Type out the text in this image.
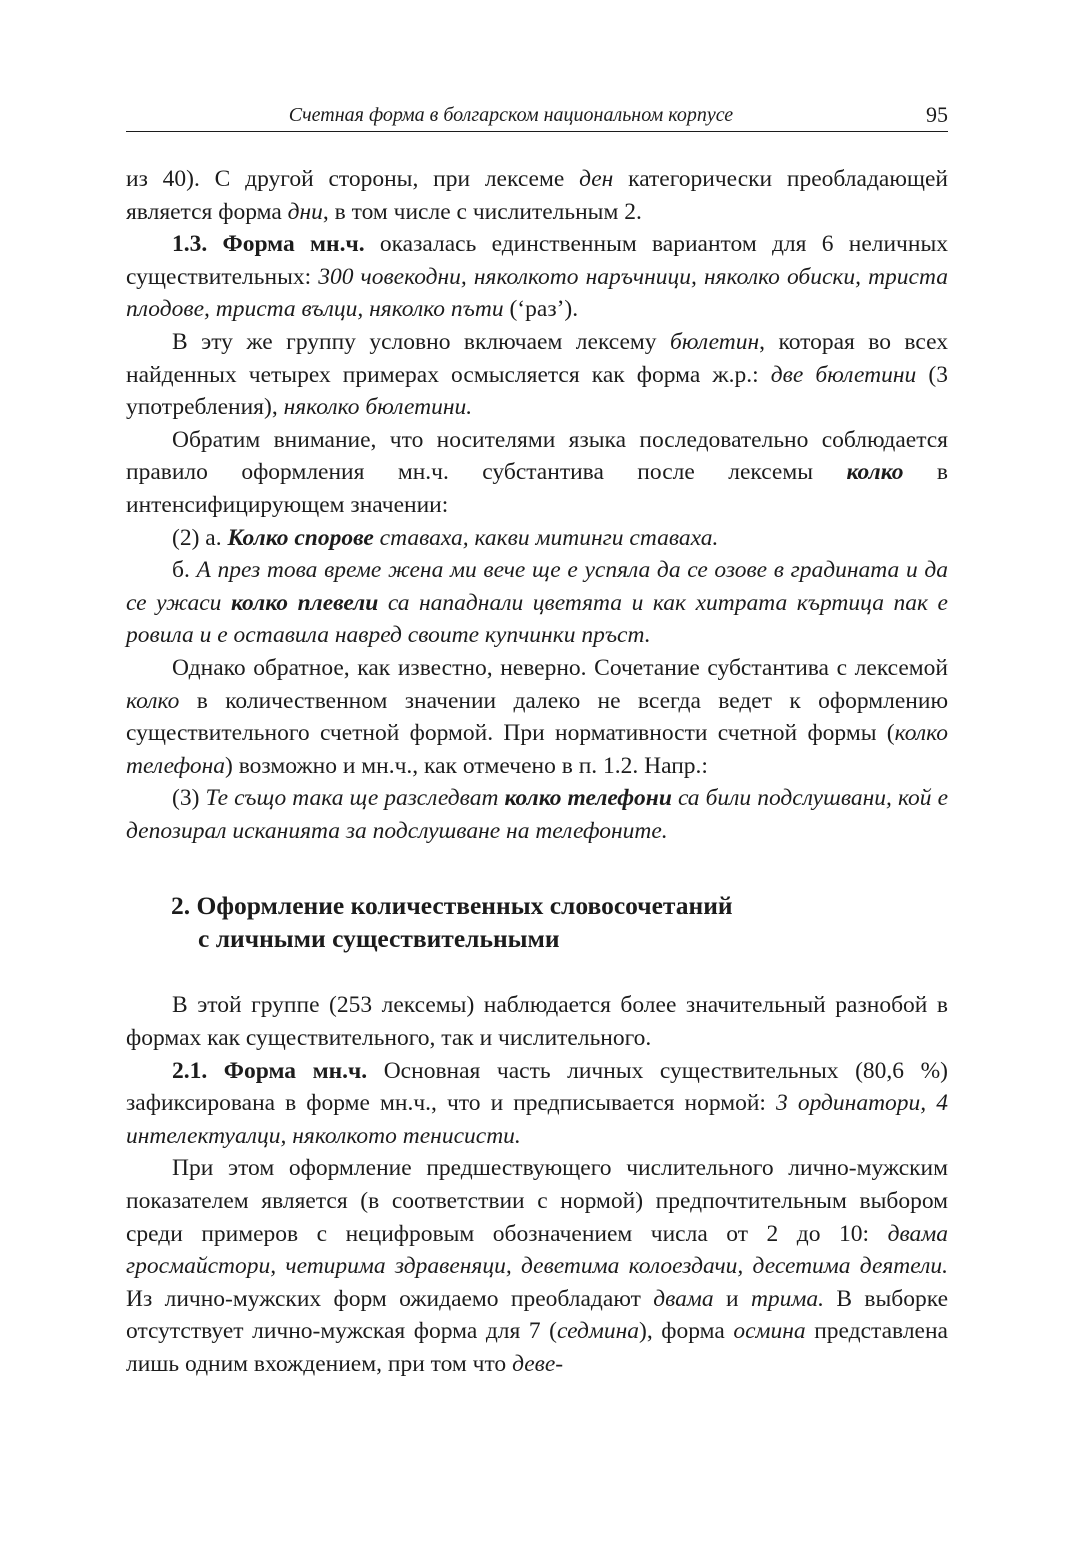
Счетная форма в болгарском национальном корпусе	95

из 40). С другой стороны, при лексеме ден категорически преобладающей является форма дни, в том числе с числительным 2.

1.3. Форма мн.ч. оказалась единственным вариантом для 6 неличных существительных: 300 човекодни, няколкото наръчници, няколко обиски, триста плодове, триста вълци, няколко пъти (‘раз’).

В эту же группу условно включаем лексему бюлетин, которая во всех найденных четырех примерах осмысляется как форма ж.р.: две бюлетини (3 употребления), няколко бюлетини.

Обратим внимание, что носителями языка последовательно соблюдается правило оформления мн.ч. субстантива после лексемы колко в интенсифицирующем значении:

(2) а. Колко спорове ставаха, какви митинги ставаха.

б. А през това време жена ми вече ще е успяла да се озове в градината и да се ужаси колко плевели са нападнали цветята и как хитрата къртица пак е ровила и е оставила навред своите купчинки пръст.

Однако обратное, как известно, неверно. Сочетание субстантива с лексемой колко в количественном значении далеко не всегда ведет к оформлению существительного счетной формой. При нормативности счетной формы (колко телефона) возможно и мн.ч., как отмечено в п. 1.2. Напр.:

(3) Те също така ще разследват колко телефони са били подслушвани, кой е депозирал исканията за подслушване на телефоните.

2. Оформление количественных словосочетаний
с личными существительными

В этой группе (253 лексемы) наблюдается более значительный разнобой в формах как существительного, так и числительного.

2.1. Форма мн.ч. Основная часть личных существительных (80,6 %) зафиксирована в форме мн.ч., что и предписывается нормой: 3 ординатори, 4 интелектуалци, няколкото тенисисти.

При этом оформление предшествующего числительного лично-мужским показателем является (в соответствии с нормой) предпочтительным выбором среди примеров с нецифровым обозначением числа от 2 до 10: двама гросмайстори, четирима здравеняци, деветима колоездачи, десетима деятели. Из лично-мужских форм ожидаемо преобладают двама и трима. В выборке отсутствует лично-мужская форма для 7 (седмина), форма осмина представлена лишь одним вхождением, при том что деве-
